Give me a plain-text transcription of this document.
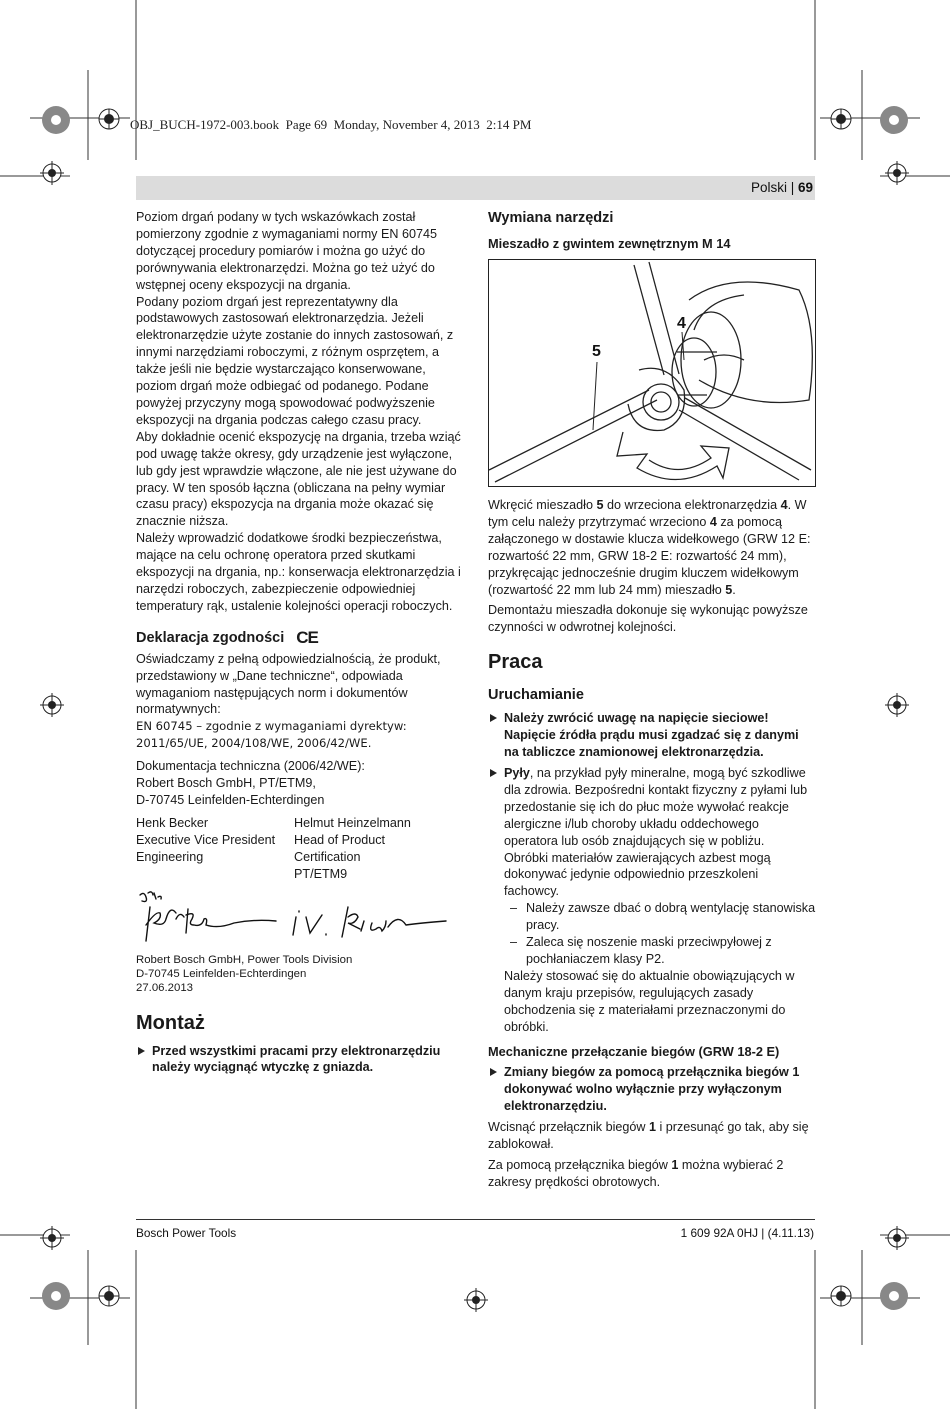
OBJ_BUCH-1972-003.book  Page 69  Monday, November 4, 2013  2:14 PM
Polski | 69

Poziom drgań podany w tych wskazówkach został pomierzony zgodnie z wymaganiami normy EN 60745 dotyczącej procedury pomiarów i można go użyć do porównywania elektronarzędzi. Można go też użyć do wstępnej oceny ekspozycji na drgania.

Podany poziom drgań jest reprezentatywny dla podstawowych zastosowań elektronarzędzia. Jeżeli elektronarzędzie użyte zostanie do innych zastosowań, z innymi narzędziami roboczymi, z różnym osprzętem, a także jeśli nie będzie wystarczająco konserwowane, poziom drgań może odbiegać od podanego. Podane powyżej przyczyny mogą spowodować podwyższenie ekspozycji na drgania podczas całego czasu pracy.

Aby dokładnie ocenić ekspozycję na drgania, trzeba wziąć pod uwagę także okresy, gdy urządzenie jest wyłączone, lub gdy jest wprawdzie włączone, ale nie jest używane do pracy. W ten sposób łączna (obliczana na pełny wymiar czasu pracy) ekspozycja na drgania może okazać się znacznie niższa.

Należy wprowadzić dodatkowe środki bezpieczeństwa, mające na celu ochronę operatora przed skutkami ekspozycji na drgania, np.: konserwacja elektronarzędzia i narzędzi roboczych, zabezpieczenie odpowiedniej temperatury rąk, ustalenie kolejności operacji roboczych.

Deklaracja zgodności CE

Oświadczamy z pełną odpowiedzialnością, że produkt, przedstawiony w „Dane techniczne“, odpowiada wymaganiom następujących norm i dokumentów normatywnych:

EN 60745 – zgodnie z wymaganiami dyrektyw: 2011/65/UE, 2004/108/WE, 2006/42/WE.

Dokumentacja techniczna (2006/42/WE):

Robert Bosch GmbH, PT/ETM9,

D-70745 Leinfelden-Echterdingen

Henk Becker

Executive Vice President

Engineering

Helmut Heinzelmann

Head of Product Certification

PT/ETM9

Robert Bosch GmbH, Power Tools Division

D-70745 Leinfelden-Echterdingen

27.06.2013

Montaż

Przed wszystkimi pracami przy elektronarzędziu należy wyciągnąć wtyczkę z gniazda.

Wymiana narzędzi
Mieszadło z gwintem zewnętrznym M 14
5
4

Wkręcić mieszadło 5 do wrzeciona elektronarzędzia 4. W tym celu należy przytrzymać wrzeciono 4 za pomocą załączonego w dostawie klucza widełkowego (GRW 12 E: rozwartość 22 mm, GRW 18-2 E: rozwartość 24 mm), przykręcając jednocześnie drugim kluczem widełkowym (rozwartość 22 mm lub 24 mm) mieszadło 5.

Demontażu mieszadła dokonuje się wykonując powyższe czynności w odwrotnej kolejności.

Praca
Uruchamianie

Należy zwrócić uwagę na napięcie sieciowe! Napięcie źródła prądu musi zgadzać się z danymi na tabliczce znamionowej elektronarzędzia.

Pyły, na przykład pyły mineralne, mogą być szkodliwe dla zdrowia. Bezpośredni kontakt fizyczny z pyłami lub przedostanie się ich do płuc może wywołać reakcje alergiczne i/lub choroby układu oddechowego operatora lub osób znajdujących się w pobliżu.

Obróbki materiałów zawierających azbest mogą dokonywać jedynie odpowiednio przeszkoleni fachowcy.

– Należy zawsze dbać o dobrą wentylację stanowiska pracy.

– Zaleca się noszenie maski przeciwpyłowej z pochłaniaczem klasy P2.

Należy stosować się do aktualnie obowiązujących w danym kraju przepisów, regulujących zasady obchodzenia się z materiałami przeznaczonymi do obróbki.

Mechaniczne przełączanie biegów (GRW 18-2 E)

Zmiany biegów za pomocą przełącznika biegów 1 dokonywać wolno wyłącznie przy wyłączonym elektronarzędziu.

Wcisnąć przełącznik biegów 1 i przesunąć go tak, aby się zablokował.

Za pomocą przełącznika biegów 1 można wybierać 2 zakresy prędkości obrotowych.

Bosch Power Tools	1 609 92A 0HJ | (4.11.13)
